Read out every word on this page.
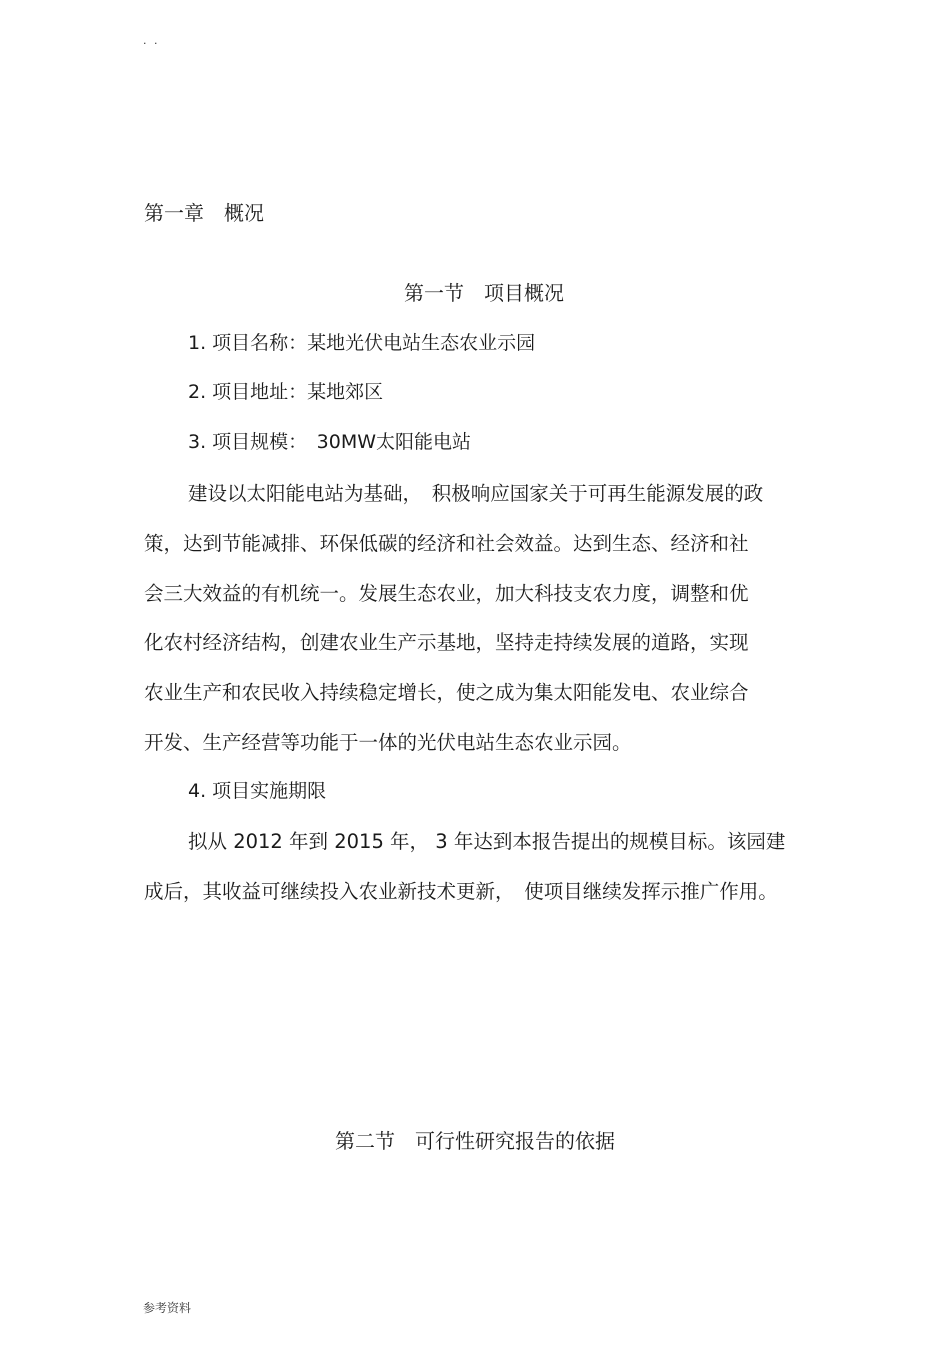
. .
第一章　概况
第一节　项目概况
1. 项目名称：某地光伏电站生态农业示园
2. 项目地址：某地郊区
3. 项目规模：　30MW太阳能电站
建设以太阳能电站为基础，　积极响应国家关于可再生能源发展的政
策，达到节能减排、环保低碳的经济和社会效益。达到生态、经济和社
会三大效益的有机统一。发展生态农业，加大科技支农力度，调整和优
化农村经济结构，创建农业生产示基地，坚持走持续发展的道路，实现
农业生产和农民收入持续稳定增长，使之成为集太阳能发电、农业综合
开发、生产经营等功能于一体的光伏电站生态农业示园。
4. 项目实施期限
拟从 2012 年到 2015 年， 3 年达到本报告提出的规模目标。该园建
成后，其收益可继续投入农业新技术更新，　使项目继续发挥示推广作用。
第二节　可行性研究报告的依据
参考资料
